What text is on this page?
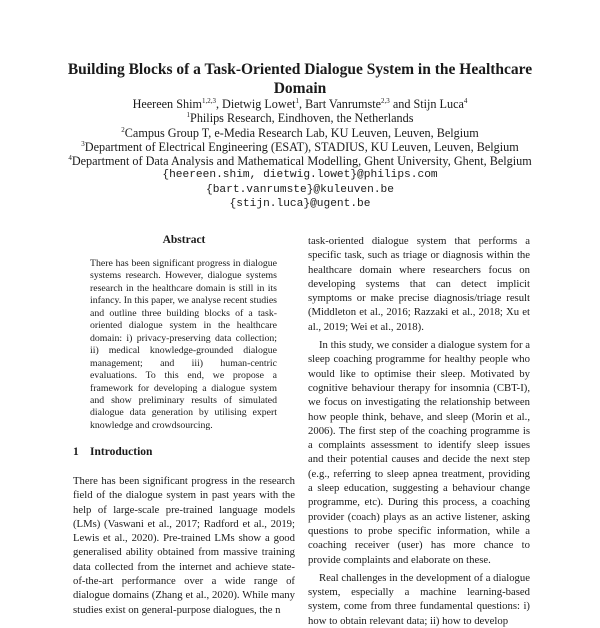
Building Blocks of a Task-Oriented Dialogue System in the Healthcare
Domain
Heereen Shim$^{1,2,3}$, Dietwig Lowet$^1$, Bart Vanrumste$^{2,3}$ and Stijn Luca$^4$
$^1$Philips Research, Eindhoven, the Netherlands
$^2$Campus Group T, e-Media Research Lab, KU Leuven, Leuven, Belgium
$^3$Department of Electrical Engineering (ESAT), STADIUS, KU Leuven, Leuven, Belgium
$^4$Department of Data Analysis and Mathematical Modelling, Ghent University, Ghent, Belgium
{heereen.shim, dietwig.lowet}@philips.com
{bart.vanrumste}@kuleuven.be
{stijn.luca}@ugent.be
Abstract
There has been significant progress in dialogue systems research. However, dialogue systems research in the healthcare domain is still in its infancy. In this paper, we analyse recent studies and outline three building blocks of a task-oriented dialogue system in the healthcare domain: i) privacy-preserving data collection; ii) medical knowledge-grounded dialogue management; and iii) human-centric evaluations. To this end, we propose a framework for developing a dialogue system and show preliminary results of simulated dialogue data generation by utilising expert knowledge and crowdsourcing.
1 Introduction

There has been significant progress in the research field of the dialogue system in past years with the help of large-scale pre-trained language models (LMs) (Vaswani et al., 2017; Radford et al., 2019; Lewis et al., 2020). Pre-trained LMs show a good generalised ability obtained from massive training data collected from the internet and achieve state-of-the-art performance over a wide range of dialogue domains (Zhang et al., 2020). While many studies exist on general-purpose dialogues, the n

task-oriented dialogue system that performs a specific task, such as triage or diagnosis within the healthcare domain where researchers focus on developing systems that can detect implicit symptoms or make precise diagnosis/triage result (Middleton et al., 2016; Razzaki et al., 2018; Xu et al., 2019; Wei et al., 2018).

In this study, we consider a dialogue system for a sleep coaching programme for healthy people who would like to optimise their sleep. Motivated by cognitive behaviour therapy for insomnia (CBT-I), we focus on investigating the relationship between how people think, behave, and sleep (Morin et al., 2006). The first step of the coaching programme is a complaints assessment to identify sleep issues and their potential causes and decide the next step (e.g., referring to sleep apnea treatment, providing a sleep education, suggesting a behaviour change programme, etc). During this process, a coaching provider (coach) plays as an active listener, asking questions to probe specific information, while a coaching receiver (user) has more chance to provide complaints and elaborate on these.

Real challenges in the development of a dialogue system, especially a machine learning-based system, come from three fundamental questions: i) how to obtain relevant data; ii) how to develop
